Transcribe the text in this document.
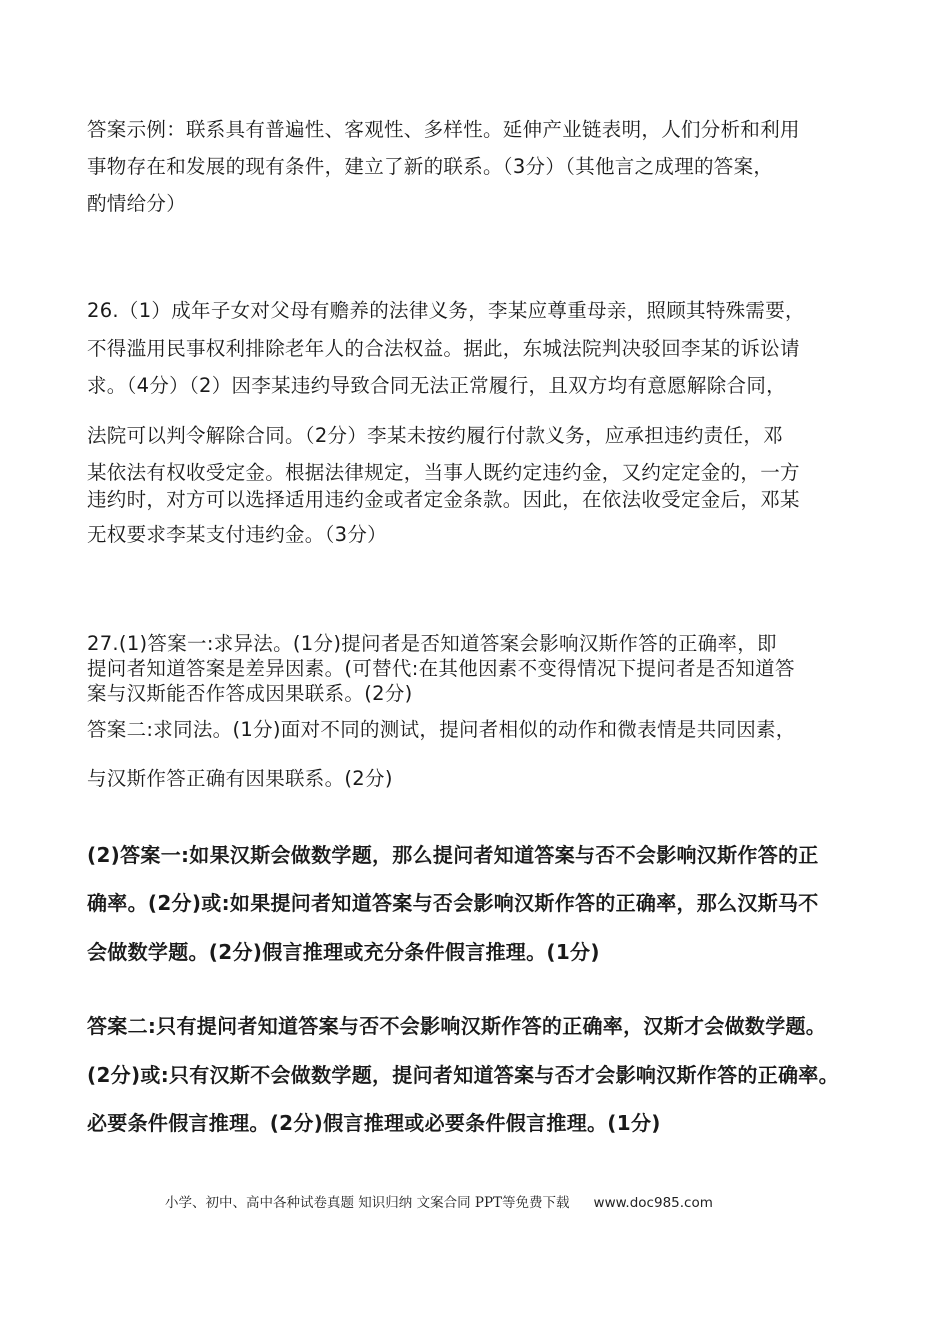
答案示例：联系具有普遍性、客观性、多样性。延伸产业链表明，人们分析和利用
事物存在和发展的现有条件，建立了新的联系。（3分）（其他言之成理的答案，
酌情给分）
26.（1）成年子女对父母有赡养的法律义务，李某应尊重母亲，照顾其特殊需要，
不得滥用民事权利排除老年人的合法权益。据此，东城法院判决驳回李某的诉讼请
求。（4分）（2）因李某违约导致合同无法正常履行，且双方均有意愿解除合同，
法院可以判令解除合同。（2分）李某未按约履行付款义务，应承担违约责任，邓
某依法有权收受定金。根据法律规定，当事人既约定违约金，又约定定金的，一方
违约时，对方可以选择适用违约金或者定金条款。因此，在依法收受定金后，邓某
无权要求李某支付违约金。（3分）
27.(1)答案一:求异法。(1分)提问者是否知道答案会影响汉斯作答的正确率，即
提问者知道答案是差异因素。(可替代:在其他因素不变得情况下提问者是否知道答
案与汉斯能否作答成因果联系。(2分)
答案二:求同法。(1分)面对不同的测试，提问者相似的动作和微表情是共同因素，
与汉斯作答正确有因果联系。(2分)
(2)答案一:如果汉斯会做数学题，那么提问者知道答案与否不会影响汉斯作答的正
确率。(2分)或:如果提问者知道答案与否会影响汉斯作答的正确率，那么汉斯马不
会做数学题。(2分)假言推理或充分条件假言推理。(1分)
答案二:只有提问者知道答案与否不会影响汉斯作答的正确率，汉斯才会做数学题。
(2分)或:只有汉斯不会做数学题，提问者知道答案与否才会影响汉斯作答的正确率。
必要条件假言推理。(2分)假言推理或必要条件假言推理。(1分)
小学、初中、高中各种试卷真题 知识归纳 文案合同 PPT等免费下载 www.doc985.com
